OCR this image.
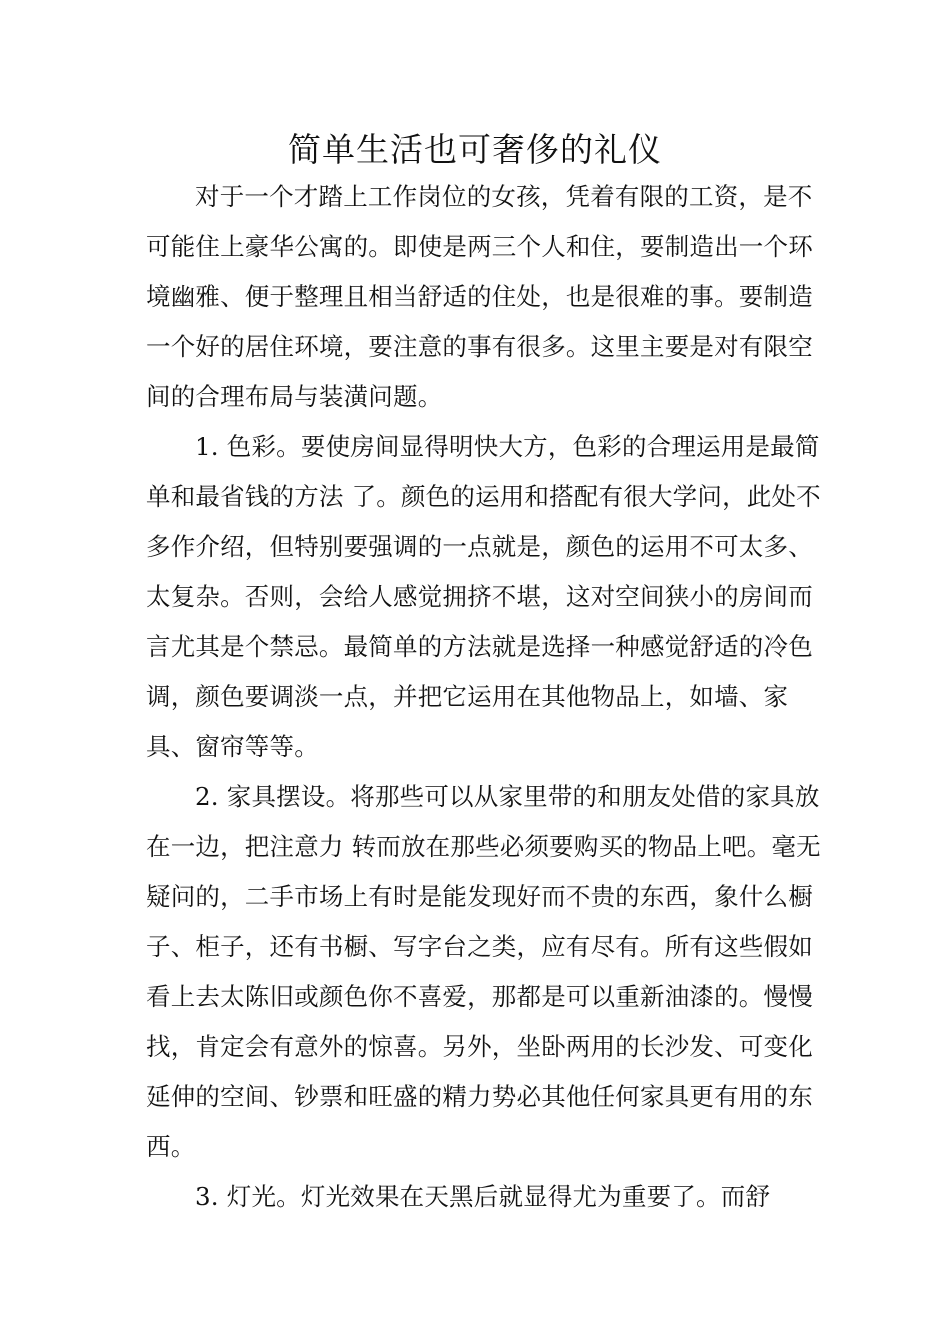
简单生活也可奢侈的礼仪

对于一个才踏上工作岗位的女孩，凭着有限的工资，是不可能住上豪华公寓的。即使是两三个人和住，要制造出一个环境幽雅、便于整理且相当舒适的住处，也是很难的事。要制造一个好的居住环境，要注意的事有很多。这里主要是对有限空间的合理布局与装潢问题。

1. 色彩。要使房间显得明快大方，色彩的合理运用是最简单和最省钱的方法 了。颜色的运用和搭配有很大学问，此处不多作介绍，但特别要强调的一点就是，颜色的运用不可太多、太复杂。否则，会给人感觉拥挤不堪，这对空间狭小的房间而言尤其是个禁忌。最简单的方法就是选择一种感觉舒适的冷色调，颜色要调淡一点，并把它运用在其他物品上，如墙、家具、窗帘等等。

2. 家具摆设。将那些可以从家里带的和朋友处借的家具放在一边，把注意力 转而放在那些必须要购买的物品上吧。毫无疑问的，二手市场上有时是能发现好而不贵的东西，象什么橱子、柜子，还有书橱、写字台之类，应有尽有。所有这些假如看上去太陈旧或颜色你不喜爱，那都是可以重新油漆的。慢慢找，肯定会有意外的惊喜。另外，坐卧两用的长沙发、可变化延伸的空间、钞票和旺盛的精力势必其他任何家具更有用的东西。

3. 灯光。灯光效果在天黑后就显得尤为重要了。而舒
